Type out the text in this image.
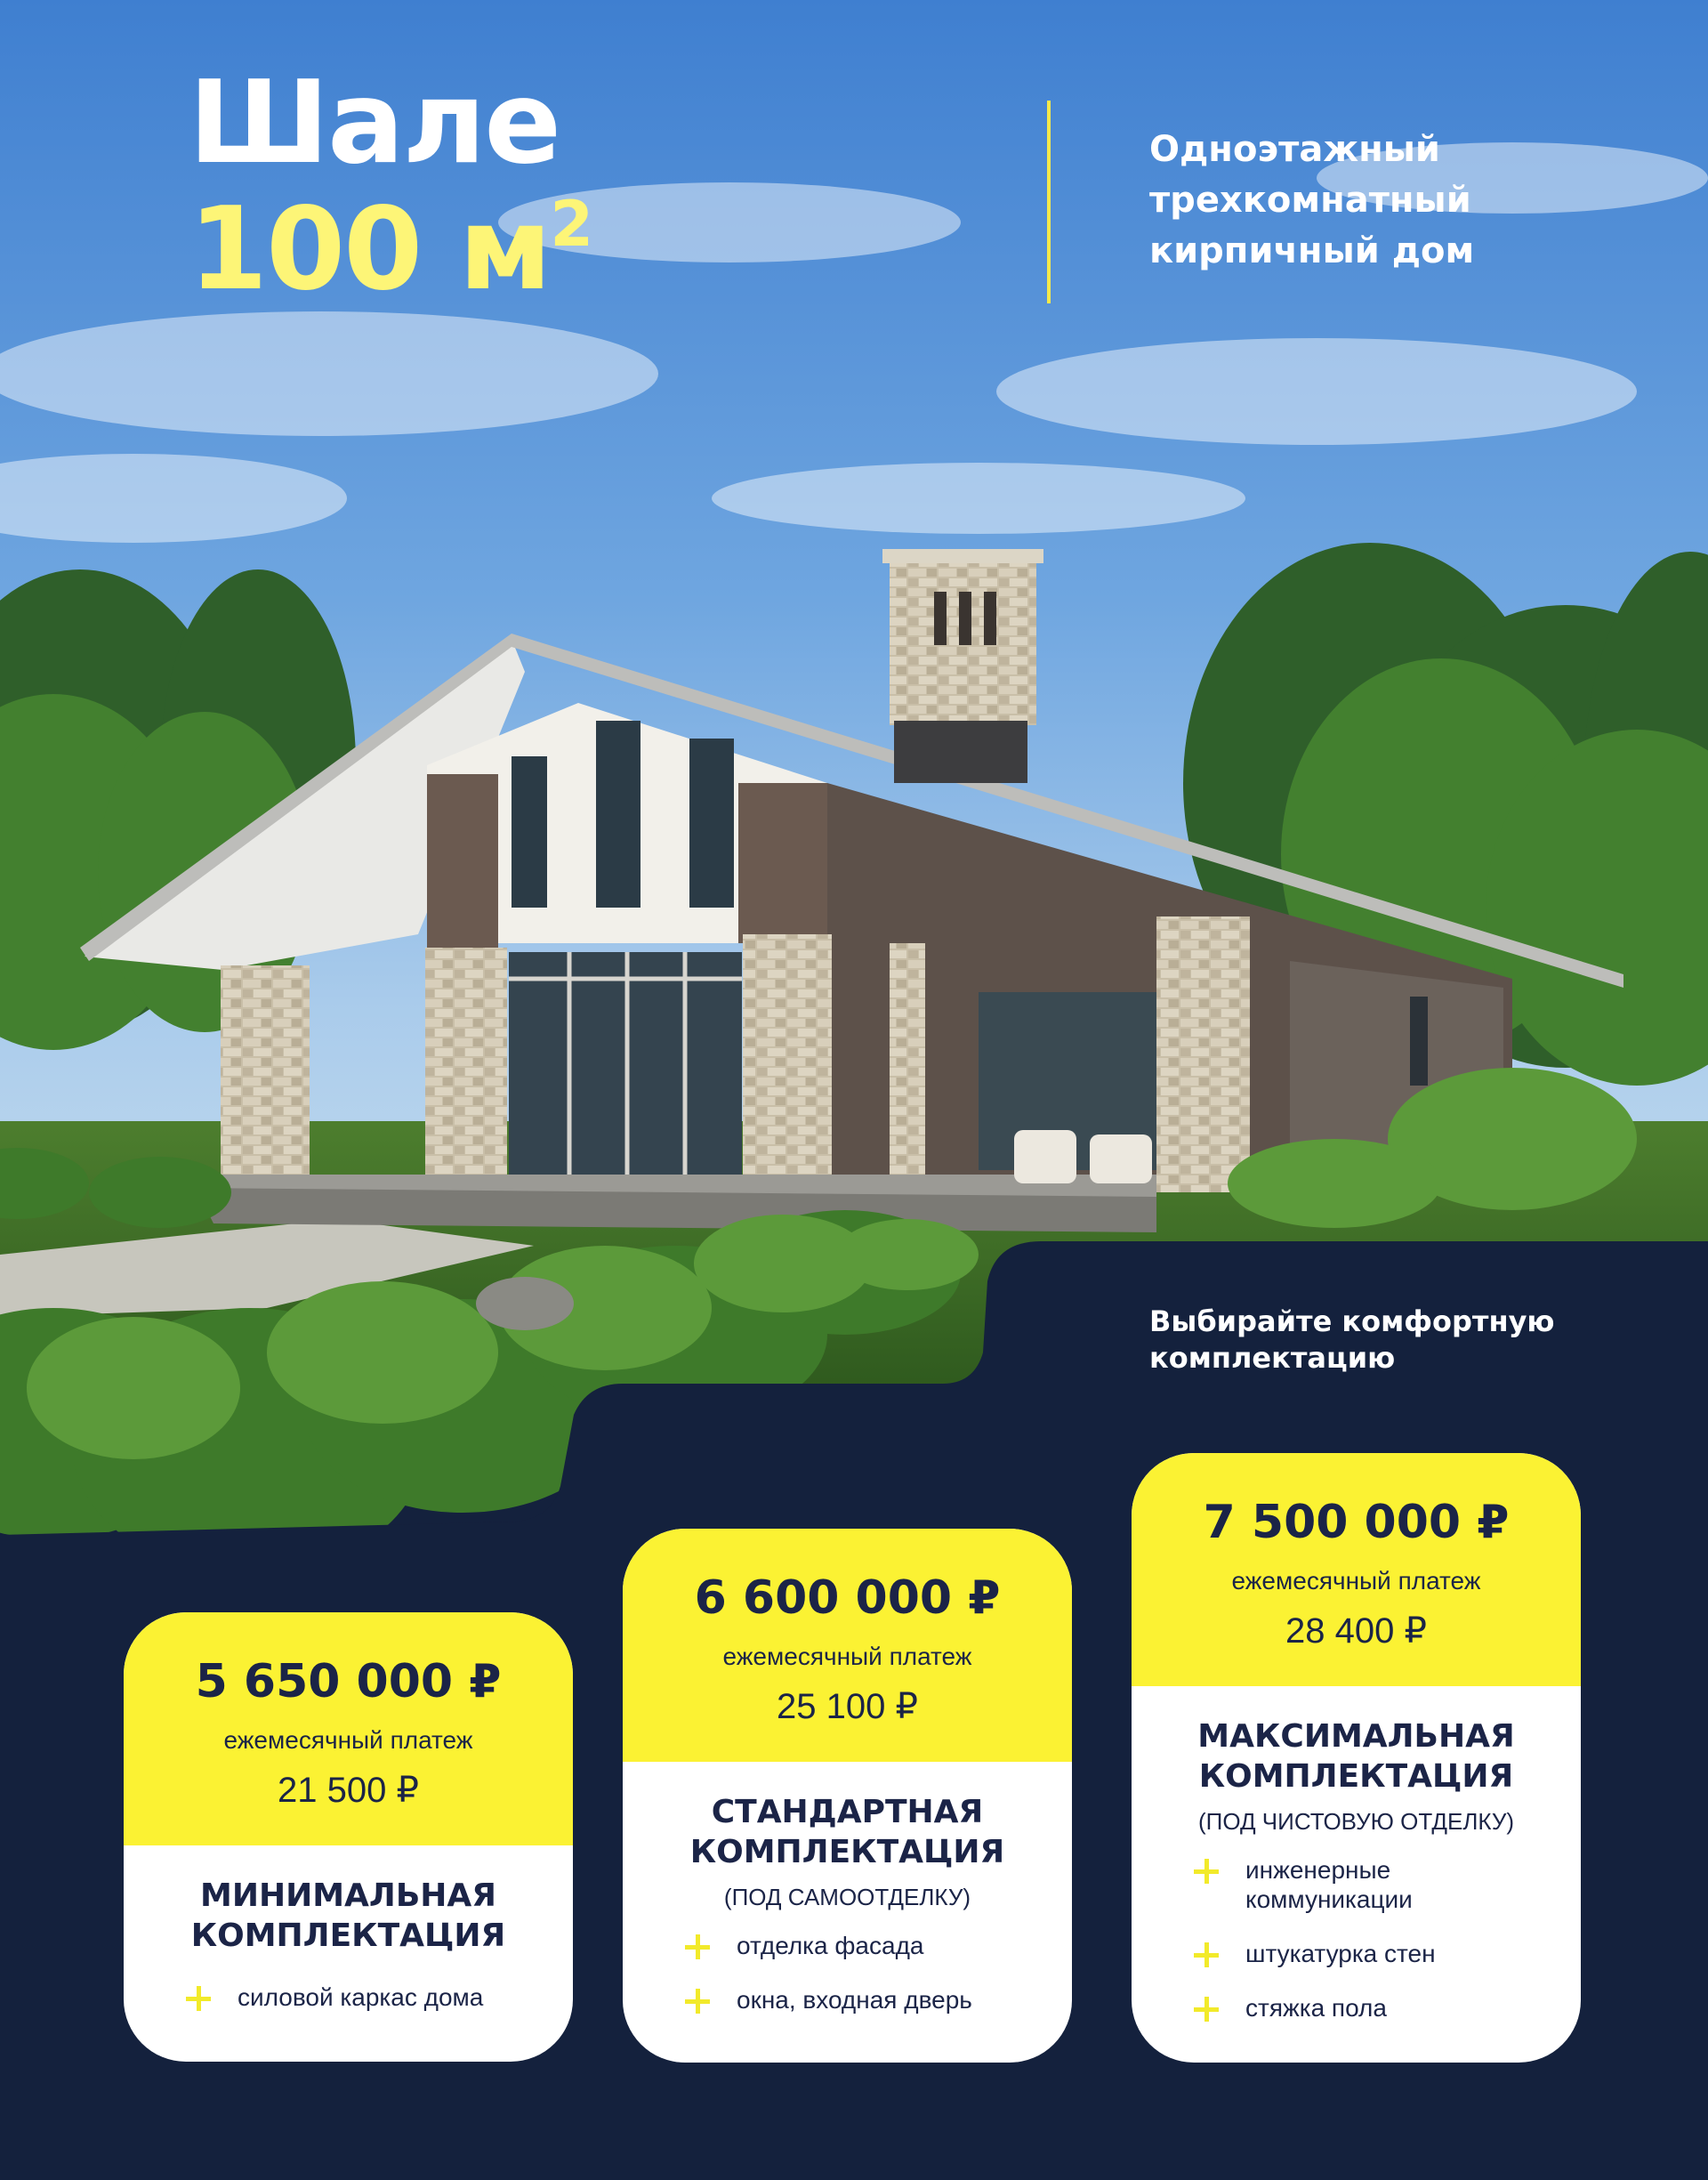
Шале
100 $м^2$
Одноэтажный трехкомнатный кирпичный дом
Выбирайте комфортную комплектацию
5 650 000 ₽
ежемесячный платеж
21 500 ₽
МИНИМАЛЬНАЯ
КОМПЛЕКТАЦИЯ
силовой каркас дома
6 600 000 ₽
ежемесячный платеж
25 100 ₽
СТАНДАРТНАЯ
КОМПЛЕКТАЦИЯ
(ПОД САМООТДЕЛКУ)
отделка фасада
окна, входная дверь
7 500 000 ₽
ежемесячный платеж
28 400 ₽
МАКСИМАЛЬНАЯ
КОМПЛЕКТАЦИЯ
(ПОД ЧИСТОВУЮ ОТДЕЛКУ)
инженерные коммуникации
штукатурка стен
стяжка пола
